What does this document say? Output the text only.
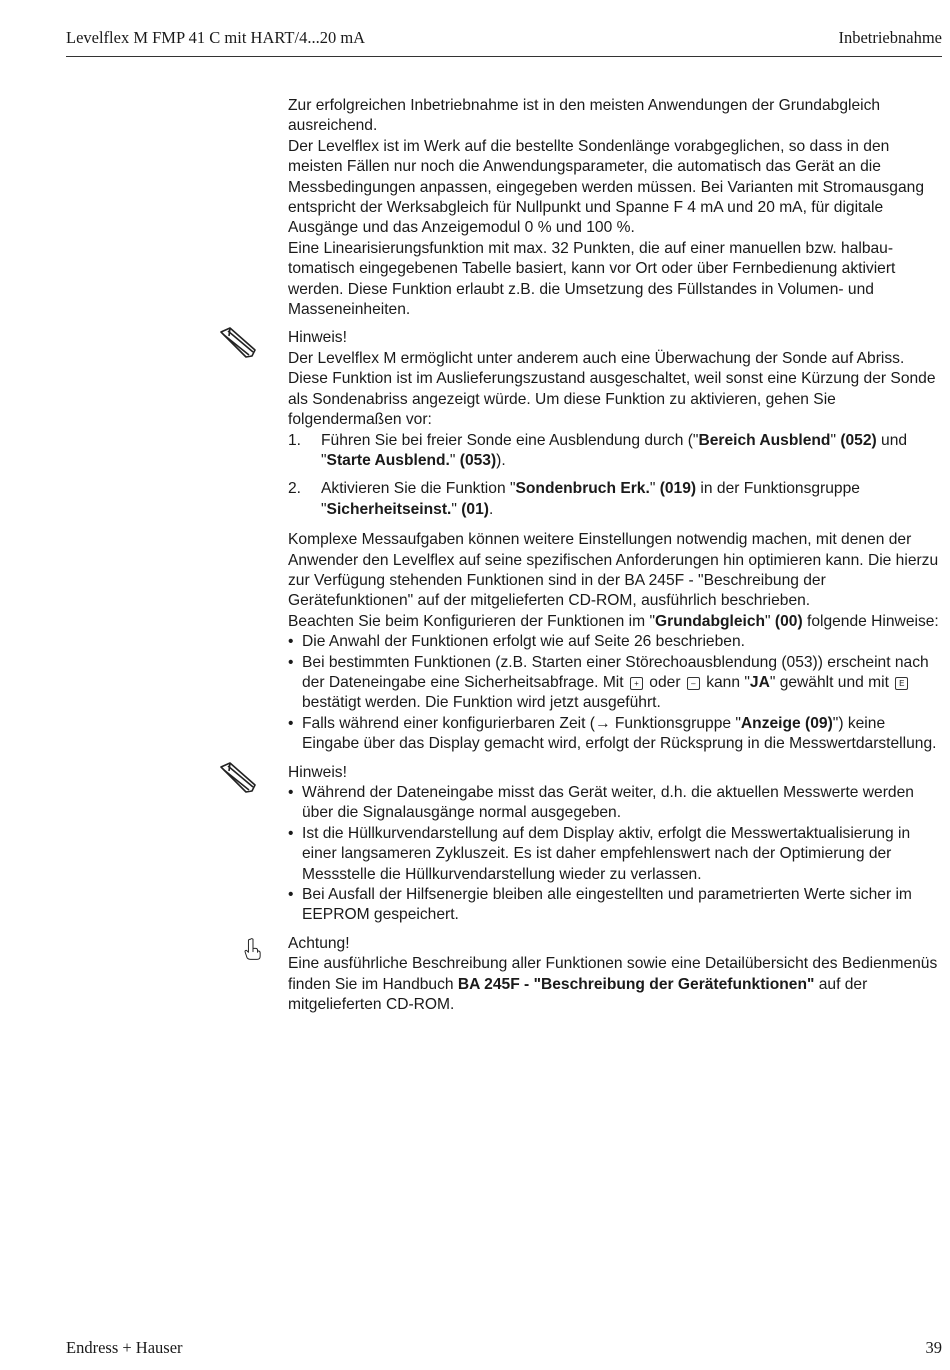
Levelflex M FMP 41 C mit HART/4...20 mA	Inbetriebnahme

Zur erfolgreichen Inbetriebnahme ist in den meisten Anwendungen der Grundabgleich ausreichend.

Der Levelflex ist im Werk auf die bestellte Sondenlänge vorabgeglichen, so dass in den meisten Fällen nur noch die Anwendungsparameter, die automatisch das Gerät an die Messbedingungen anpassen, eingegeben werden müssen. Bei Varianten mit Stromausgang entspricht der Werksabgleich für Nullpunkt und Spanne F 4 mA und 20 mA, für digitale Ausgänge und das Anzeigemodul 0 % und 100 %.

Eine Linearisierungsfunktion mit max. 32 Punkten, die auf einer manuellen bzw. halbautomatisch eingegebenen Tabelle basiert, kann vor Ort oder über Fernbedienung aktiviert werden. Diese Funktion erlaubt z.B. die Umsetzung des Füllstandes in Volumen- und Masseneinheiten.

Hinweis!

Der Levelflex M ermöglicht unter anderem auch eine Überwachung der Sonde auf Abriss. Diese Funktion ist im Auslieferungszustand ausgeschaltet, weil sonst eine Kürzung der Sonde als Sondenabriss angezeigt würde. Um diese Funktion zu aktivieren, gehen Sie folgendermaßen vor:

1. Führen Sie bei freier Sonde eine Ausblendung durch ("Bereich Ausblend" (052) und "Starte Ausblend." (053)).
2. Aktivieren Sie die Funktion "Sondenbruch Erk." (019) in der Funktionsgruppe "Sicherheitseinst." (01).

Komplexe Messaufgaben können weitere Einstellungen notwendig machen, mit denen der Anwender den Levelflex auf seine spezifischen Anforderungen hin optimieren kann. Die hierzu zur Verfügung stehenden Funktionen sind in der BA 245F - "Beschreibung der Gerätefunktionen" auf der mitgelieferten CD-ROM, ausführlich beschrieben.

Beachten Sie beim Konfigurieren der Funktionen im "Grundabgleich" (00) folgende Hinweise:

• Die Anwahl der Funktionen erfolgt wie auf Seite 26 beschrieben.
• Bei bestimmten Funktionen (z.B. Starten einer Störechoausblendung (053)) erscheint nach der Dateneingabe eine Sicherheitsabfrage. Mit + oder – kann "JA" gewählt und mit E bestätigt werden. Die Funktion wird jetzt ausgeführt.
• Falls während einer konfigurierbaren Zeit (→ Funktionsgruppe "Anzeige (09)") keine Eingabe über das Display gemacht wird, erfolgt der Rücksprung in die Messwertdarstellung.

Hinweis!

• Während der Dateneingabe misst das Gerät weiter, d.h. die aktuellen Messwerte werden über die Signalausgänge normal ausgegeben.
• Ist die Hüllkurvendarstellung auf dem Display aktiv, erfolgt die Messwertaktualisierung in einer langsameren Zykluszeit. Es ist daher empfehlenswert nach der Optimierung der Messstelle die Hüllkurvendarstellung wieder zu verlassen.
• Bei Ausfall der Hilfsenergie bleiben alle eingestellten und parametrierten Werte sicher im EEPROM gespeichert.

Achtung!

Eine ausführliche Beschreibung aller Funktionen sowie eine Detailübersicht des Bedienmenüs finden Sie im Handbuch BA 245F - "Beschreibung der Gerätefunktionen" auf der mitgelieferten CD-ROM.

Endress + Hauser	39
